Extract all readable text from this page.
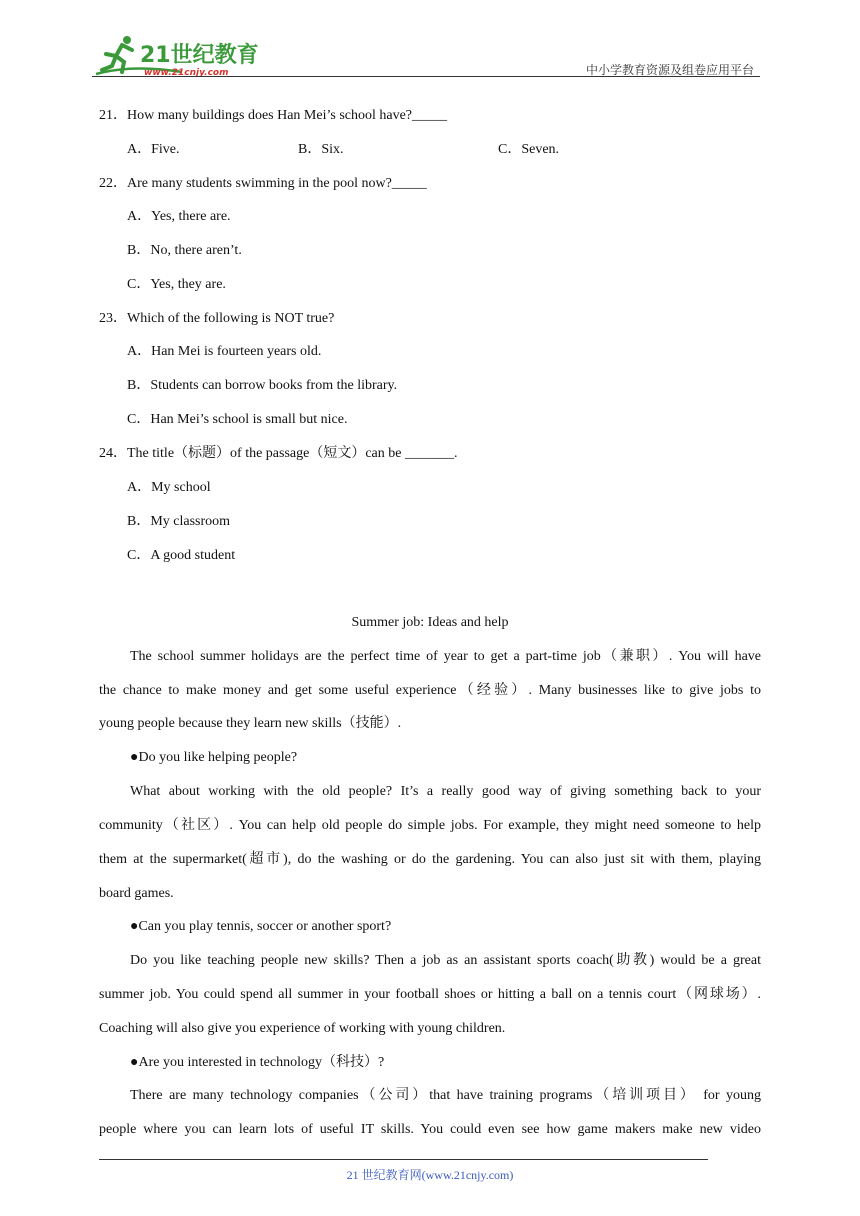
21世纪教育
www.21cnjy.com	中小学教育资源及组卷应用平台
21．How many buildings does Han Mei’s school have?_____
A．Five.	B．Six.	C．Seven.
22．Are many students swimming in the pool now?_____
A．Yes, there are.
B．No, there aren’t.
C．Yes, they are.
23．Which of the following is NOT true?
A．Han Mei is fourteen years old.
B．Students can borrow books from the library.
C．Han Mei’s school is small but nice.
24．The title（标题）of the passage（短文）can be _______.
A．My school
B．My classroom
C．A good student
Summer job: Ideas and help
The school summer holidays are the perfect time of year to get a part-time job（兼职）. You will have
the chance to make money and get some useful experience（经验）. Many businesses like to give jobs to
young people because they learn new skills（技能）.
●Do you like helping people?
What about working with the old people? It’s a really good way of giving something back to your
community（社区）. You can help old people do simple jobs. For example, they might need someone to help
them at the supermarket(超市), do the washing or do the gardening. You can also just sit with them, playing
board games.
●Can you play tennis, soccer or another sport?
Do you like teaching people new skills? Then a job as an assistant sports coach(助教) would be a great
summer job. You could spend all summer in your football shoes or hitting a ball on a tennis court（网球场）.
Coaching will also give you experience of working with young children.
●Are you interested in technology（科技）?
There are many technology companies（公司）that have training programs（培训项目） for young
people where you can learn lots of useful IT skills. You could even see how game makers make new video
21 世纪教育网(www.21cnjy.com)
